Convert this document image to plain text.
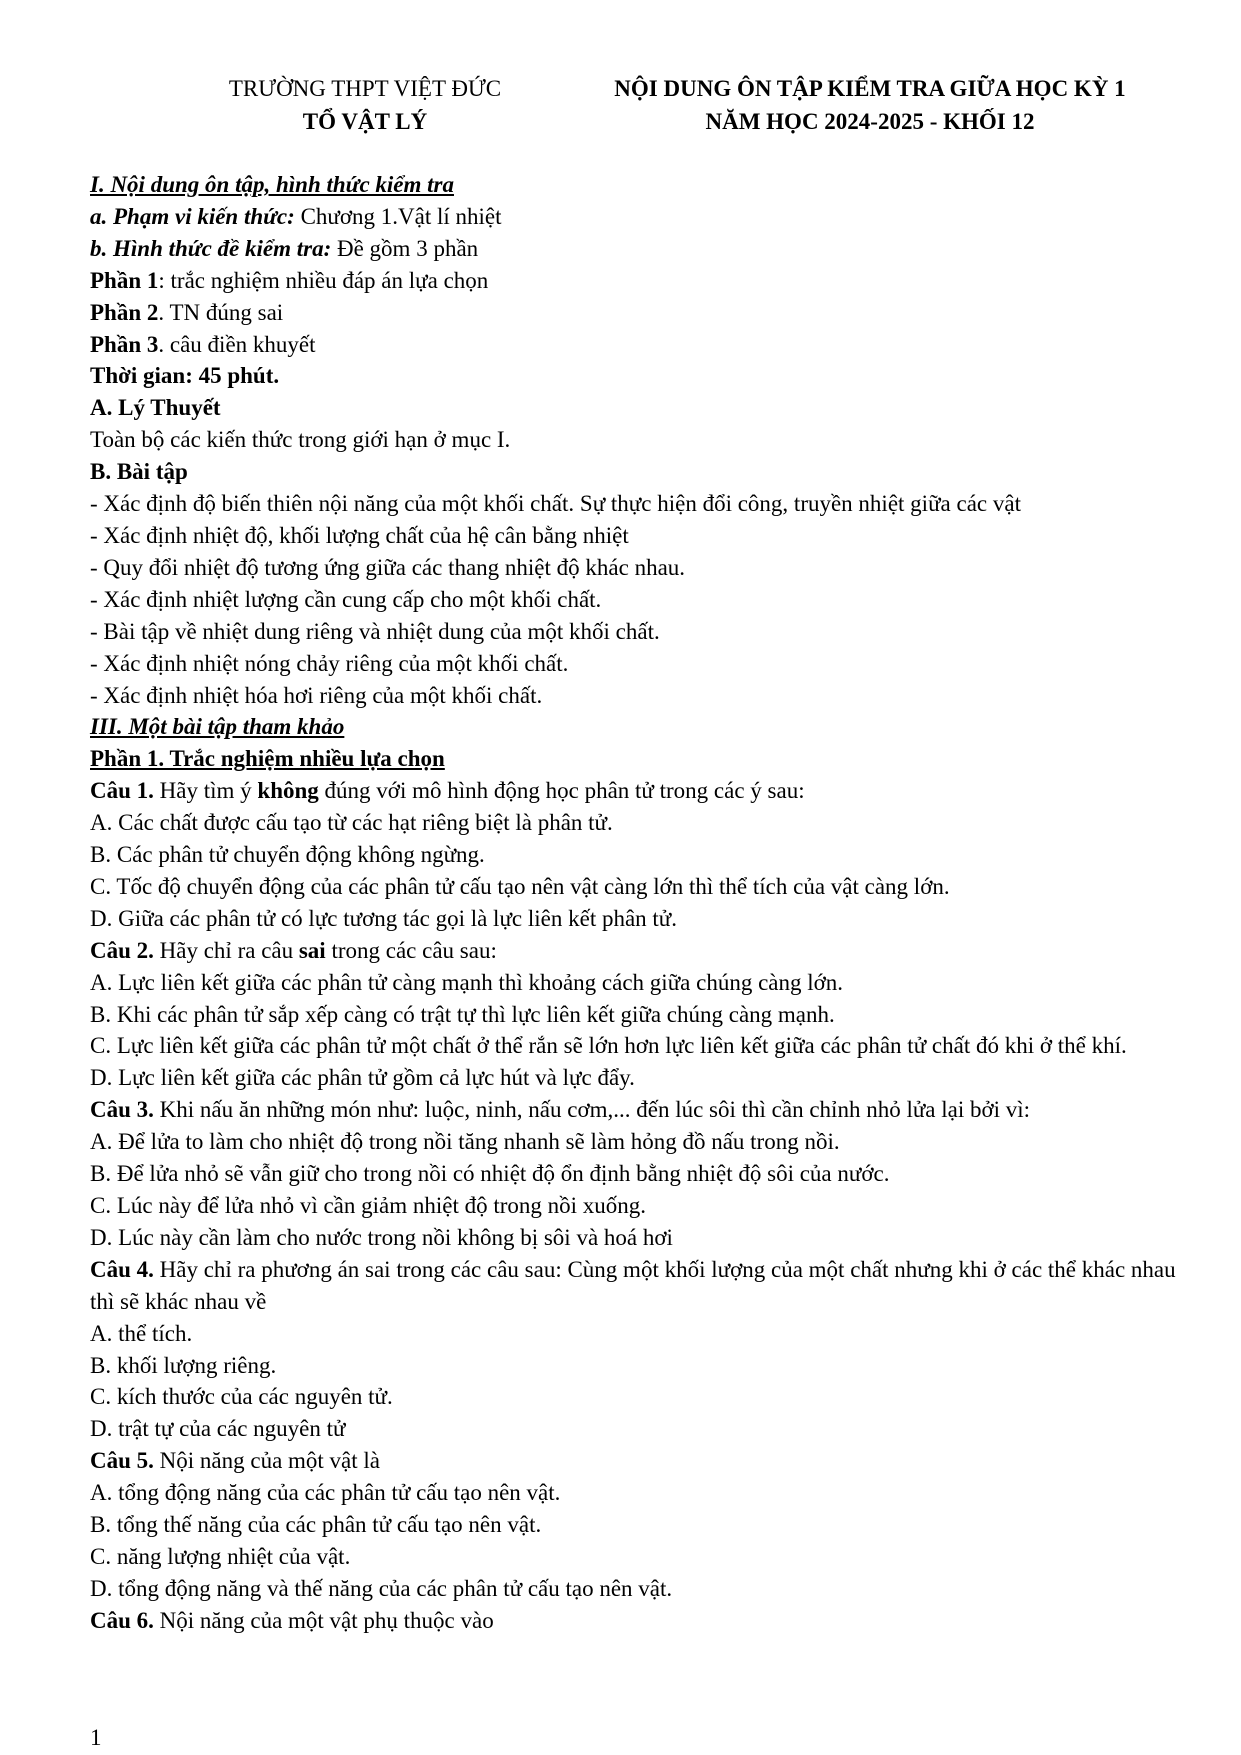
TRƯỜNG THPT VIỆT ĐỨC
TỔ VẬT LÝ
NỘI DUNG ÔN TẬP KIỂM TRA GIỮA HỌC KỲ 1
NĂM HỌC 2024-2025 - KHỐI 12
I. Nội dung ôn tập, hình thức kiểm tra
a. Phạm vi kiến thức: Chương 1.Vật lí nhiệt
b. Hình thức đề kiểm tra: Đề gồm 3 phần
Phần 1: trắc nghiệm nhiều đáp án lựa chọn
Phần 2. TN đúng sai
Phần 3. câu điền khuyết
Thời gian: 45 phút.
A. Lý Thuyết
Toàn bộ các kiến thức trong giới hạn ở mục I.
B. Bài tập
- Xác định độ biến thiên nội năng của một khối chất. Sự thực hiện đổi công, truyền nhiệt giữa các vật
- Xác định nhiệt độ, khối lượng chất của hệ cân bằng nhiệt
- Quy đổi nhiệt độ tương ứng giữa các thang nhiệt độ khác nhau.
- Xác định nhiệt lượng cần cung cấp cho một khối chất.
- Bài tập về nhiệt dung riêng và nhiệt dung của một khối chất.
- Xác định nhiệt nóng chảy riêng của một khối chất.
- Xác định nhiệt hóa hơi riêng của một khối chất.
III. Một bài tập tham khảo
Phần 1. Trắc nghiệm nhiều lựa chọn
Câu 1. Hãy tìm ý không đúng với mô hình động học phân tử trong các ý sau:
A. Các chất được cấu tạo từ các hạt riêng biệt là phân tử.
B. Các phân tử chuyển động không ngừng.
C. Tốc độ chuyển động của các phân tử cấu tạo nên vật càng lớn thì thể tích của vật càng lớn.
D. Giữa các phân tử có lực tương tác gọi là lực liên kết phân tử.
Câu 2. Hãy chỉ ra câu sai trong các câu sau:
A. Lực liên kết giữa các phân tử càng mạnh thì khoảng cách giữa chúng càng lớn.
B. Khi các phân tử sắp xếp càng có trật tự thì lực liên kết giữa chúng càng mạnh.
C. Lực liên kết giữa các phân tử một chất ở thể rắn sẽ lớn hơn lực liên kết giữa các phân tử chất đó khi ở thể khí.
D. Lực liên kết giữa các phân tử gồm cả lực hút và lực đẩy.
Câu 3. Khi nấu ăn những món như: luộc, ninh, nấu cơm,... đến lúc sôi thì cần chỉnh nhỏ lửa lại bởi vì:
A. Để lửa to làm cho nhiệt độ trong nồi tăng nhanh sẽ làm hỏng đồ nấu trong nồi.
B. Để lửa nhỏ sẽ vẫn giữ cho trong nồi có nhiệt độ ổn định bằng nhiệt độ sôi của nước.
C. Lúc này để lửa nhỏ vì cần giảm nhiệt độ trong nồi xuống.
D. Lúc này cần làm cho nước trong nồi không bị sôi và hoá hơi
Câu 4. Hãy chỉ ra phương án sai trong các câu sau: Cùng một khối lượng của một chất nhưng khi ở các thể khác nhau thì sẽ khác nhau về
A. thể tích.
B. khối lượng riêng.
C. kích thước của các nguyên tử.
D. trật tự của các nguyên tử
Câu 5. Nội năng của một vật là
A. tổng động năng của các phân tử cấu tạo nên vật.
B. tổng thế năng của các phân tử cấu tạo nên vật.
C. năng lượng nhiệt của vật.
D. tổng động năng và thế năng của các phân tử cấu tạo nên vật.
Câu 6. Nội năng của một vật phụ thuộc vào
1
